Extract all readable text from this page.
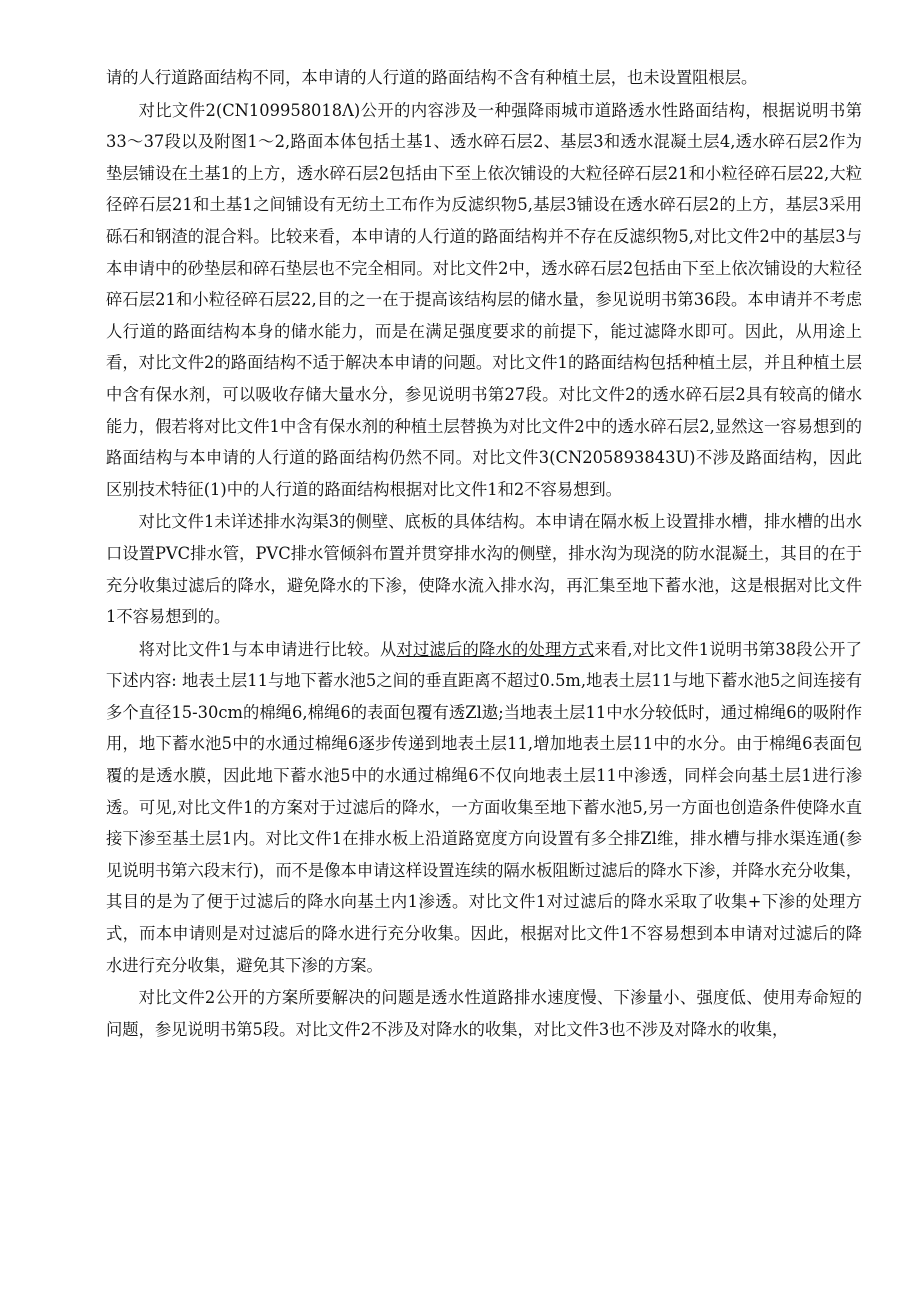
请的人行道路面结构不同，本申请的人行道的路面结构不含有种植土层，也未设置阻根层。

对比文件2(CN109958018Λ)公开的内容涉及一种强降雨城市道路透水性路面结构，根据说明书第33～37段以及附图1～2,路面本体包括土基1、透水碎石层2、基层3和透水混凝土层4,透水碎石层2作为垫层铺设在土基1的上方，透水碎石层2包括由下至上依次铺设的大粒径碎石层21和小粒径碎石层22,大粒径碎石层21和土基1之间铺设有无纺土工布作为反滤织物5,基层3铺设在透水碎石层2的上方，基层3采用砾石和钢渣的混合料。比较来看，本申请的人行道的路面结构并不存在反滤织物5,对比文件2中的基层3与本申请中的砂垫层和碎石垫层也不完全相同。对比文件2中，透水碎石层2包括由下至上依次铺设的大粒径碎石层21和小粒径碎石层22,目的之一在于提高该结构层的储水量，参见说明书第36段。本申请并不考虑人行道的路面结构本身的储水能力，而是在满足强度要求的前提下，能过滤降水即可。因此，从用途上看，对比文件2的路面结构不适于解决本申请的问题。对比文件1的路面结构包括种植土层，并且种植土层中含有保水剂，可以吸收存储大量水分，参见说明书第27段。对比文件2的透水碎石层2具有较高的储水能力，假若将对比文件1中含有保水剂的种植土层替换为对比文件2中的透水碎石层2,显然这一容易想到的路面结构与本申请的人行道的路面结构仍然不同。对比文件3(CN205893843U)不涉及路面结构，因此区别技术特征(1)中的人行道的路面结构根据对比文件1和2不容易想到。

对比文件1未详述排水沟渠3的侧壁、底板的具体结构。本申请在隔水板上设置排水槽，排水槽的出水口设置PVC排水管，PVC排水管倾斜布置并贯穿排水沟的侧壁，排水沟为现浇的防水混凝土，其目的在于充分收集过滤后的降水，避免降水的下渗，使降水流入排水沟，再汇集至地下蓄水池，这是根据对比文件1不容易想到的。

将对比文件1与本申请进行比较。从对过滤后的降水的处理方式来看,对比文件1说明书第38段公开了下述内容: 地表土层11与地下蓄水池5之间的垂直距离不超过0.5m,地表土层11与地下蓄水池5之间连接有多个直径15-30cm的棉绳6,棉绳6的表面包覆有透Zl遨;当地表土层11中水分较低时，通过棉绳6的吸附作用，地下蓄水池5中的水通过棉绳6逐步传递到地表土层11,增加地表土层11中的水分。由于棉绳6表面包覆的是透水膜，因此地下蓄水池5中的水通过棉绳6不仅向地表土层11中渗透，同样会向基土层1进行渗透。可见,对比文件1的方案对于过滤后的降水，一方面收集至地下蓄水池5,另一方面也创造条件使降水直接下渗至基土层1内。对比文件1在排水板上沿道路宽度方向设置有多仝排Zl维，排水槽与排水渠连通(参见说明书第六段末行)，而不是像本申请这样设置连续的隔水板阻断过滤后的降水下渗，并降水充分收集，其目的是为了便于过滤后的降水向基土内1渗透。对比文件1对过滤后的降水采取了收集+下渗的处理方式，而本申请则是对过滤后的降水进行充分收集。因此，根据对比文件1不容易想到本申请对过滤后的降水进行充分收集，避免其下渗的方案。

对比文件2公开的方案所要解决的问题是透水性道路排水速度慢、下渗量小、强度低、使用寿命短的问题，参见说明书第5段。对比文件2不涉及对降水的收集，对比文件3也不涉及对降水的收集，
